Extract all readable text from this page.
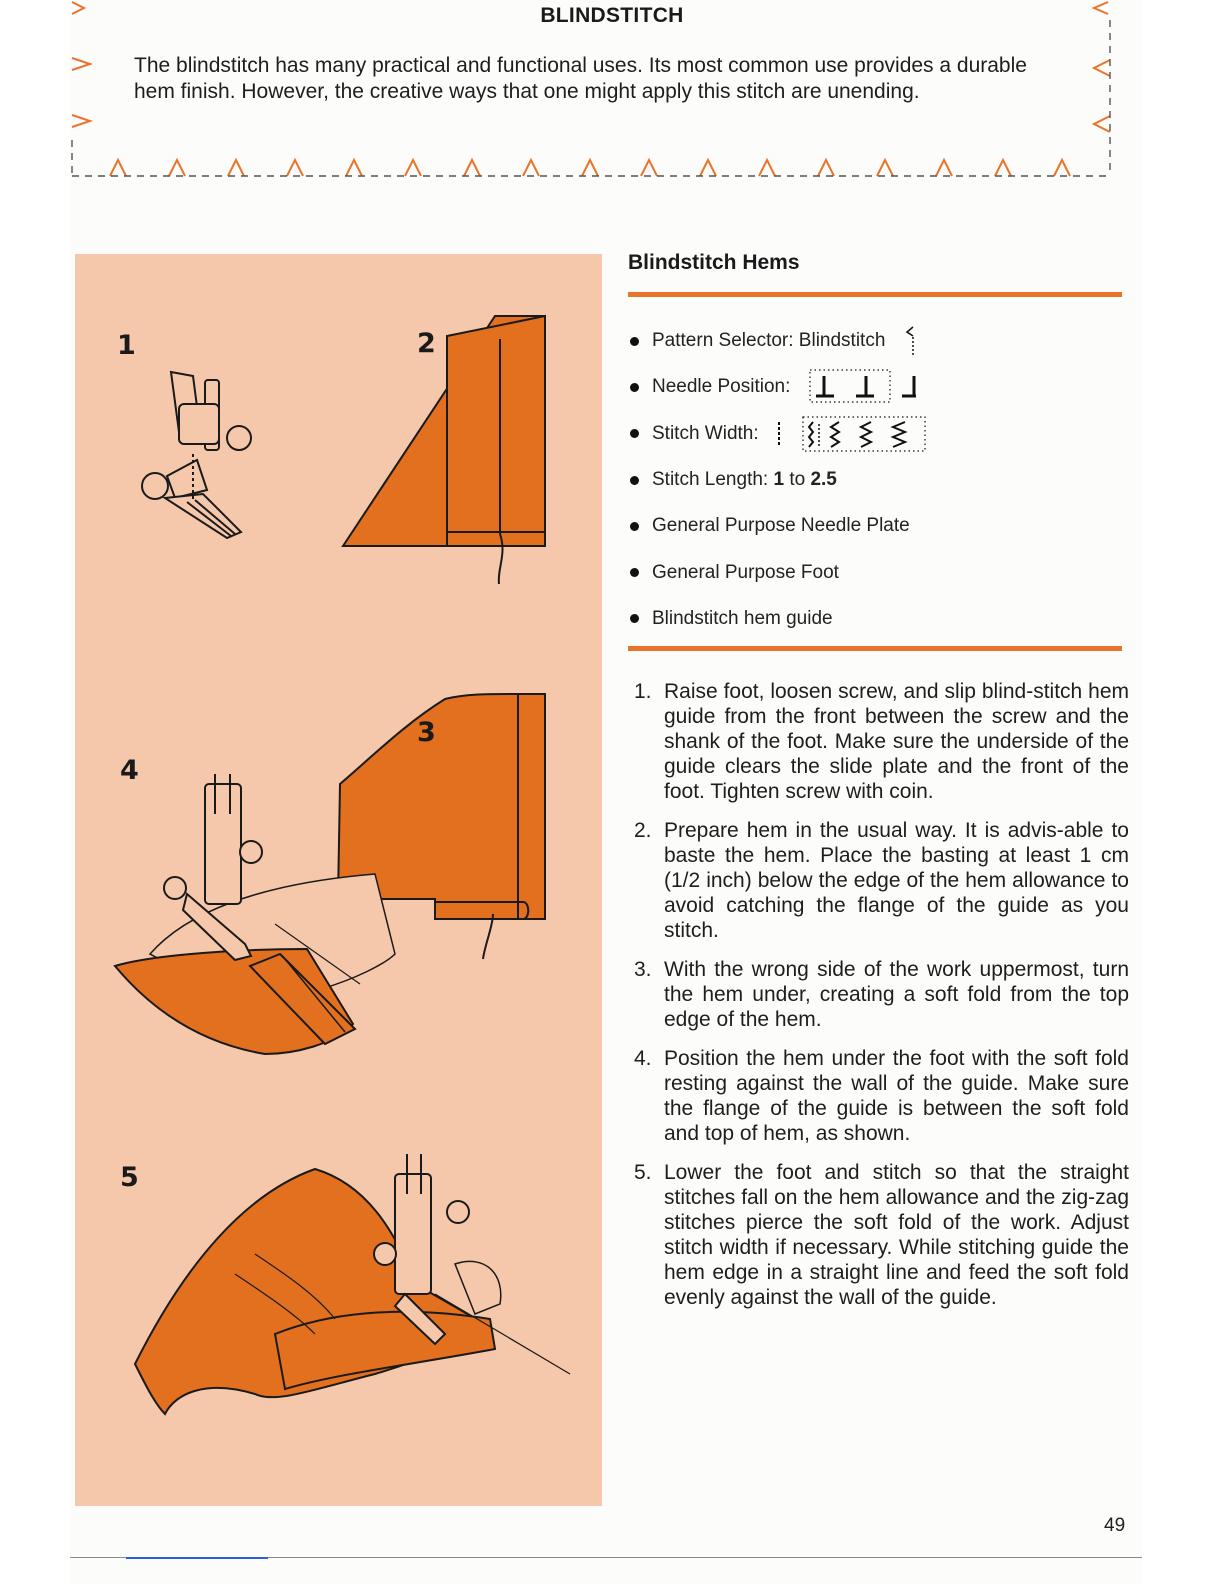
BLINDSTITCH
The blindstitch has many practical and functional uses. Its most common use provides a durable hem finish. However, the creative ways that one might apply this stitch are unending.
1	2
3
4
5
Blindstitch Hems
Pattern Selector: Blindstitch
Needle Position:
Stitch Width:
Stitch Length: 1 to 2.5
General Purpose Needle Plate
General Purpose Foot
Blindstitch hem guide
1. Raise foot, loosen screw, and slip blind-stitch hem guide from the front between the screw and the shank of the foot. Make sure the underside of the guide clears the slide plate and the front of the foot. Tighten screw with coin.
2. Prepare hem in the usual way. It is advis-able to baste the hem. Place the basting at least 1 cm (1/2 inch) below the edge of the hem allowance to avoid catching the flange of the guide as you stitch.
3. With the wrong side of the work uppermost, turn the hem under, creating a soft fold from the top edge of the hem.
4. Position the hem under the foot with the soft fold resting against the wall of the guide. Make sure the flange of the guide is between the soft fold and top of hem, as shown.
5. Lower the foot and stitch so that the straight stitches fall on the hem allowance and the zig-zag stitches pierce the soft fold of the work. Adjust stitch width if necessary. While stitching guide the hem edge in a straight line and feed the soft fold evenly against the wall of the guide.
49
